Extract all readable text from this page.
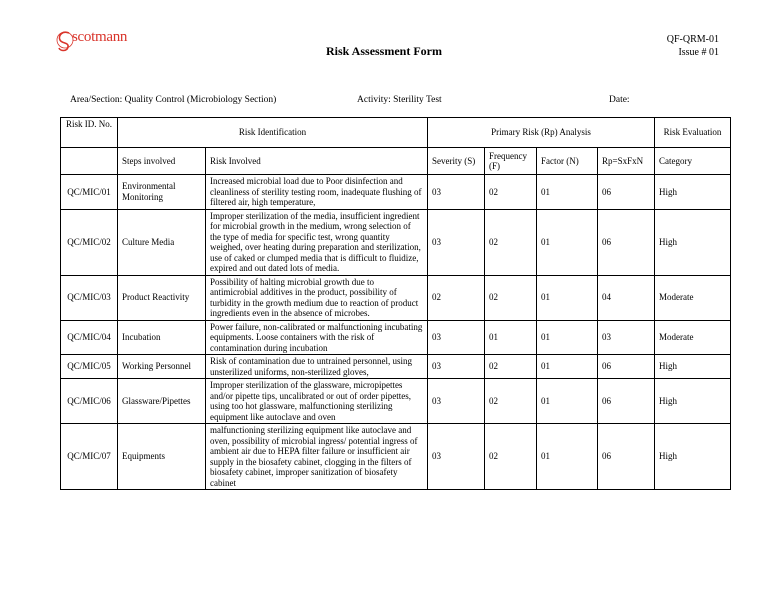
scotmann
Risk Assessment Form
QF-QRM-01
Issue # 01
Area/Section: Quality Control (Microbiology Section)	Activity: Sterility Test	Date:
Risk ID. No.	Risk Identification		Primary Risk (Rp) Analysis				Risk Evaluation
	Steps involved	Risk Involved	Severity (S)	Frequency (F)	Factor (N)	Rp=SxFxN	Category
QC/MIC/01	Environmental Monitoring	Increased microbial load due to Poor disinfection and cleanliness of sterility testing room, inadequate flushing of filtered air, high temperature,	03	02	01	06	High
QC/MIC/02	Culture Media	Improper sterilization of the media, insufficient ingredient for microbial growth in the medium, wrong selection of the type of media for specific test, wrong quantity weighed, over heating during preparation and sterilization, use of caked or clumped media that is difficult to fluidize, expired and out dated lots of media.	03	02	01	06	High
QC/MIC/03	Product Reactivity	Possibility of halting microbial growth due to antimicrobial additives in the product, possibility of turbidity in the growth medium due to reaction of product ingredients even in the absence of microbes.	02	02	01	04	Moderate
QC/MIC/04	Incubation	Power failure, non-calibrated or malfunctioning incubating equipments. Loose containers with the risk of contamination during incubation	03	01	01	03	Moderate
QC/MIC/05	Working Personnel	Risk of contamination due to untrained personnel, using unsterilized uniforms, non-sterilized gloves,	03	02	01	06	High
QC/MIC/06	Glassware/Pipettes	Improper sterilization of the glassware, micropipettes and/or pipette tips, uncalibrated or out of order pipettes, using too hot glassware, malfunctioning sterilizing equipment like autoclave and oven	03	02	01	06	High
QC/MIC/07	Equipments	malfunctioning sterilizing equipment like autoclave and oven, possibility of microbial ingress/ potential ingress of ambient air due to HEPA filter failure or insufficient air supply in the biosafety cabinet, clogging in the filters of biosafety cabinet, improper sanitization of biosafety cabinet	03	02	01	06	High
